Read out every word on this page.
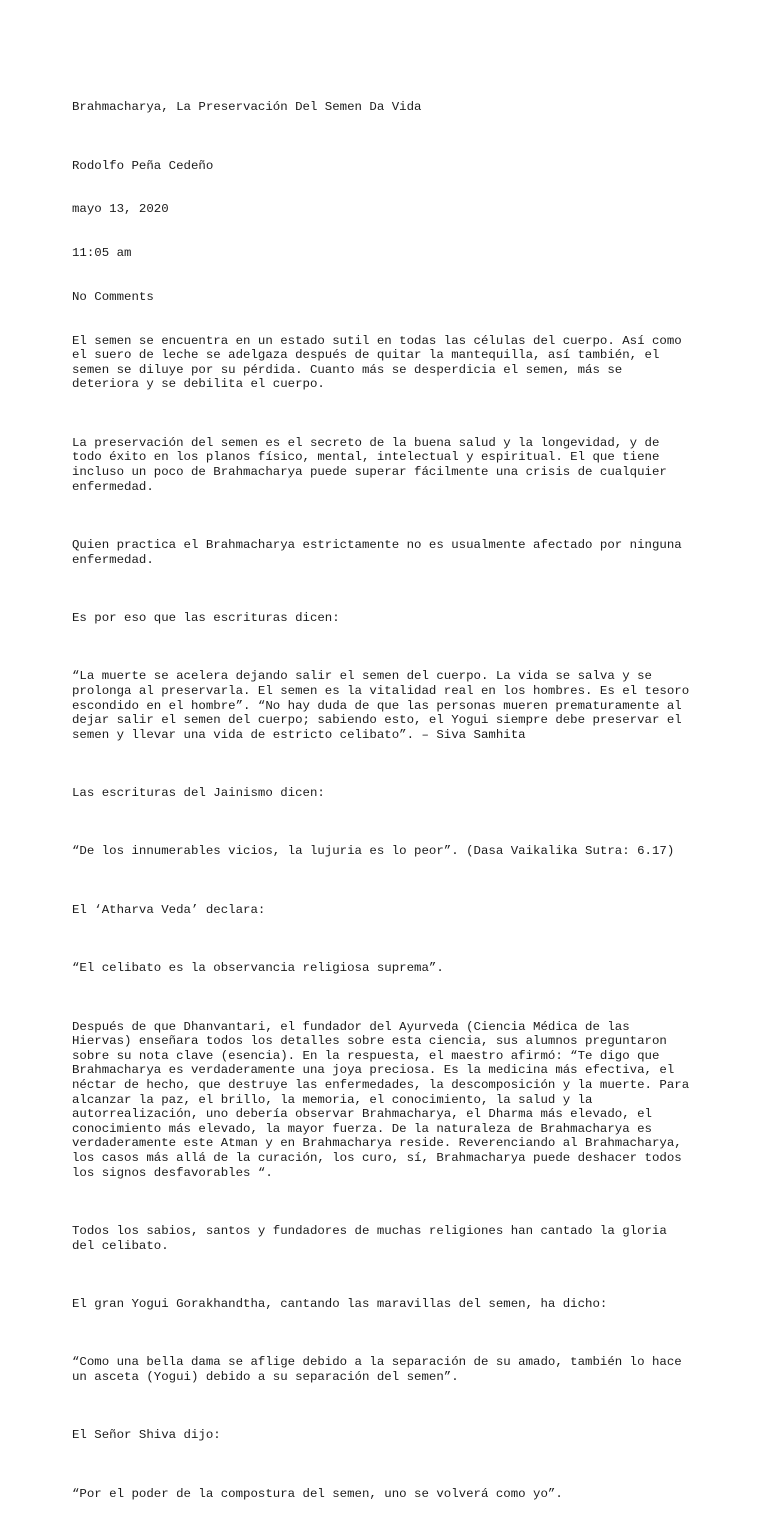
Brahmacharya, La Preservación Del Semen Da Vida

Rodolfo Peña Cedeño

mayo 13, 2020

11:05 am

No Comments

El semen se encuentra en un estado sutil en todas las células del cuerpo. Así como
el suero de leche se adelgaza después de quitar la mantequilla, así también, el
semen se diluye por su pérdida. Cuanto más se desperdicia el semen, más se
deteriora y se debilita el cuerpo.

La preservación del semen es el secreto de la buena salud y la longevidad, y de
todo éxito en los planos físico, mental, intelectual y espiritual. El que tiene
incluso un poco de Brahmacharya puede superar fácilmente una crisis de cualquier
enfermedad.

Quien practica el Brahmacharya estrictamente no es usualmente afectado por ninguna
enfermedad.

Es por eso que las escrituras dicen:

“La muerte se acelera dejando salir el semen del cuerpo. La vida se salva y se
prolonga al preservarla. El semen es la vitalidad real en los hombres. Es el tesoro
escondido en el hombre”. “No hay duda de que las personas mueren prematuramente al
dejar salir el semen del cuerpo; sabiendo esto, el Yogui siempre debe preservar el
semen y llevar una vida de estricto celibato”. – Siva Samhita

Las escrituras del Jainismo dicen:

“De los innumerables vicios, la lujuria es lo peor”. (Dasa Vaikalika Sutra: 6.17)

El ‘Atharva Veda’ declara:

“El celibato es la observancia religiosa suprema”.

Después de que Dhanvantari, el fundador del Ayurveda (Ciencia Médica de las
Hiervas) enseñara todos los detalles sobre esta ciencia, sus alumnos preguntaron
sobre su nota clave (esencia). En la respuesta, el maestro afirmó: “Te digo que
Brahmacharya es verdaderamente una joya preciosa. Es la medicina más efectiva, el
néctar de hecho, que destruye las enfermedades, la descomposición y la muerte. Para
alcanzar la paz, el brillo, la memoria, el conocimiento, la salud y la
autorrealización, uno debería observar Brahmacharya, el Dharma más elevado, el
conocimiento más elevado, la mayor fuerza. De la naturaleza de Brahmacharya es
verdaderamente este Atman y en Brahmacharya reside. Reverenciando al Brahmacharya,
los casos más allá de la curación, los curo, sí, Brahmacharya puede deshacer todos
los signos desfavorables “.

Todos los sabios, santos y fundadores de muchas religiones han cantado la gloria
del celibato.

El gran Yogui Gorakhandtha, cantando las maravillas del semen, ha dicho:

“Como una bella dama se aflige debido a la separación de su amado, también lo hace
un asceta (Yogui) debido a su separación del semen”.

El Señor Shiva dijo:

“Por el poder de la compostura del semen, uno se volverá como yo”.
